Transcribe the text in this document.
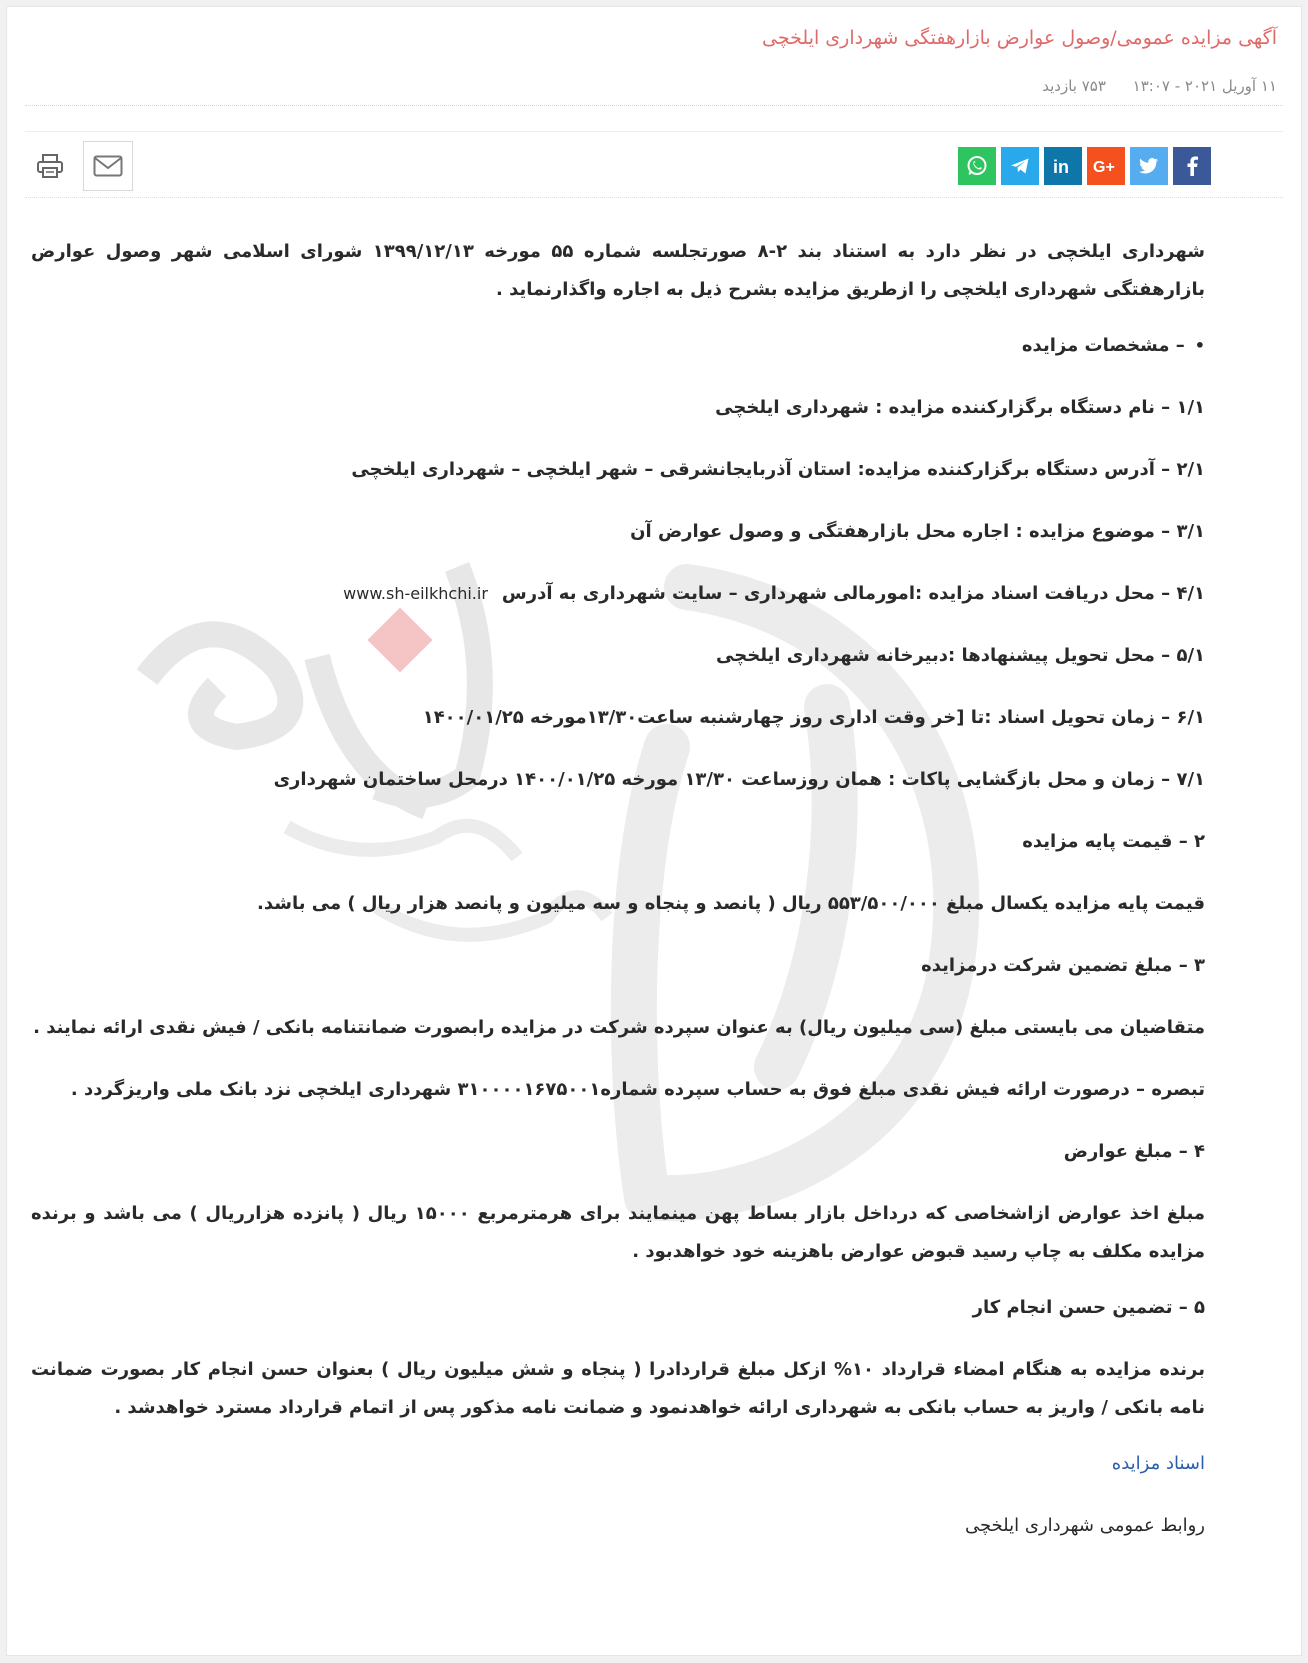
آگهی مزایده عمومی/وصول عوارض بازارهفتگی شهرداری ایلخچی
۱۱ آوریل ۲۰۲۱ - ۱۳:۰۷ ۷۵۳ بازدید
G+
in

شهرداری ایلخچی در نظر دارد به استناد بند ۲-۸ صورتجلسه شماره ۵۵ مورخه ۱۳۹۹/۱۲/۱۳ شورای اسلامی شهر وصول عوارض بازارهفتگی شهرداری ایلخچی را ازطریق مزایده بشرح ذیل به اجاره واگذارنماید .

• – مشخصات مزایده

۱/۱ – نام دستگاه برگزارکننده مزایده : شهرداری ایلخچی

۲/۱ – آدرس دستگاه برگزارکننده مزایده: استان آذربایجانشرقی – شهر ایلخچی – شهرداری ایلخچی

۳/۱ – موضوع مزایده : اجاره محل بازارهفتگی و وصول عوارض آن

۴/۱ – محل دریافت اسناد مزایده :امورمالی شهرداری – سایت شهرداری به آدرسwww.sh-eilkhchi.ir

۵/۱ – محل تحویل پیشنهادها :دبیرخانه شهرداری ایلخچی

۶/۱ – زمان تحویل اسناد :تا [خر وقت اداری روز چهارشنبه ساعت۱۳/۳۰مورخه ۱۴۰۰/۰۱/۲۵

۷/۱ – زمان و محل بازگشایی پاکات : همان روزساعت ۱۳/۳۰ مورخه ۱۴۰۰/۰۱/۲۵ درمحل ساختمان شهرداری

۲ – قیمت پایه مزایده

قیمت پایه مزایده یکسال مبلغ ۵۵۳/۵۰۰/۰۰۰ ریال ( پانصد و پنجاه و سه میلیون و پانصد هزار ریال ) می باشد.

۳ – مبلغ تضمین شرکت درمزایده

متقاضیان می بایستی مبلغ (سی میلیون ریال) به عنوان سپرده شرکت در مزایده رابصورت ضمانتنامه بانکی / فیش نقدی ارائه نمایند .

تبصره – درصورت ارائه فیش نقدی مبلغ فوق به حساب سپرده شماره۳۱۰۰۰۰۱۶۷۵۰۰۱ شهرداری ایلخچی نزد بانک ملی واریزگردد .

۴ – مبلغ عوارض

مبلغ اخذ عوارض ازاشخاصی که درداخل بازار بساط پهن مینمایند برای هرمترمربع ۱۵۰۰۰ ریال ( پانزده هزارریال ) می باشد و برنده مزایده مکلف به چاپ رسید قبوض عوارض باهزینه خود خواهدبود .

۵ – تضمین حسن انجام کار

برنده مزایده به هنگام امضاء قرارداد ۱۰% ازکل مبلغ قراردادرا ( پنجاه و شش میلیون ریال ) بعنوان حسن انجام کار بصورت ضمانت نامه بانکی / واریز به حساب بانکی به شهرداری ارائه خواهدنمود و ضمانت نامه مذکور پس از اتمام قرارداد مسترد خواهدشد .

اسناد مزایده

روابط عمومی شهرداری ایلخچی
